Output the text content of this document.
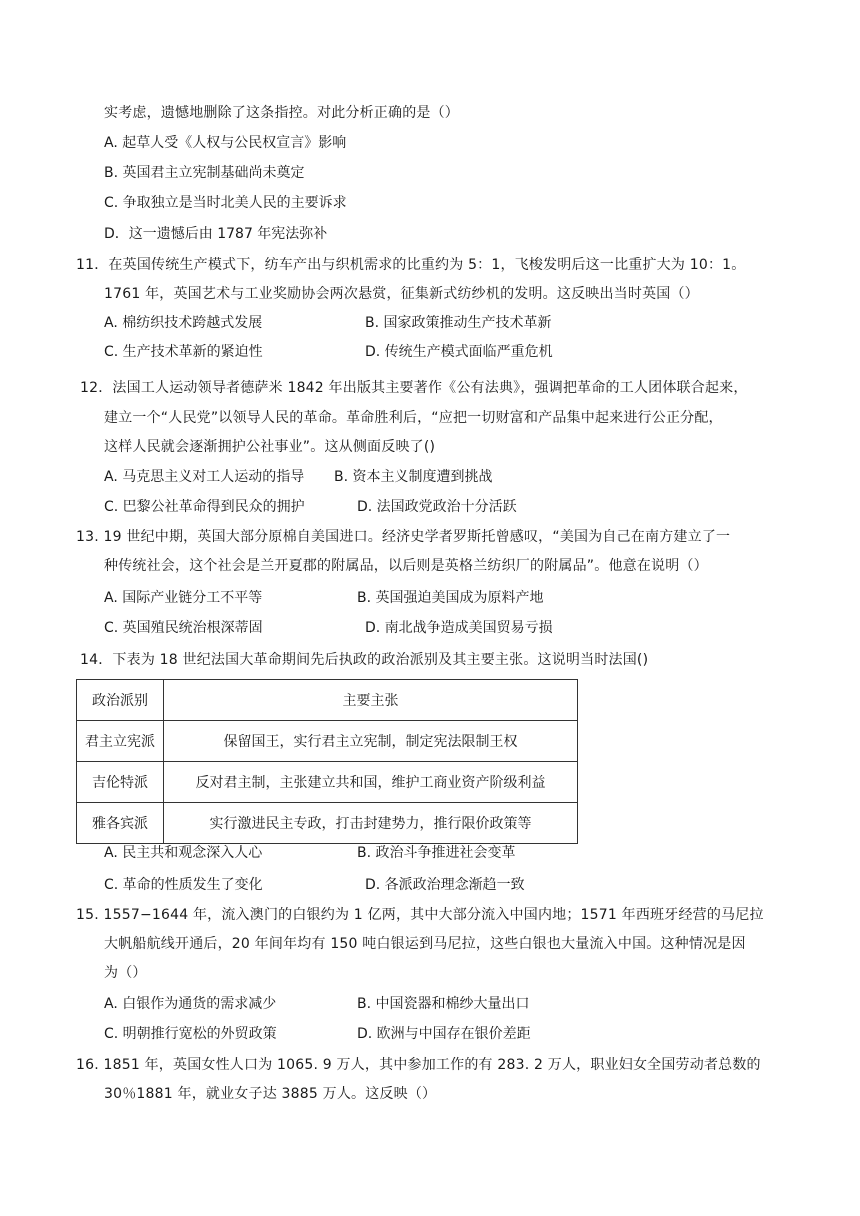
实考虑，遗憾地删除了这条指控。对此分析正确的是（）
A. 起草人受《人权与公民权宣言》影响
B. 英国君主立宪制基础尚未奠定
C. 争取独立是当时北美人民的主要诉求
D．这一遗憾后由 1787 年宪法弥补
11．在英国传统生产模式下，纺车产出与织机需求的比重约为 5：1，飞梭发明后这一比重扩大为 10：1。
1761 年，英国艺术与工业奖励协会两次悬赏，征集新式纺纱机的发明。这反映出当时英国（）
A. 棉纺织技术跨越式发展	B. 国家政策推动生产技术革新
C. 生产技术革新的紧迫性	D. 传统生产模式面临严重危机
12．法国工人运动领导者德萨米 1842 年出版其主要著作《公有法典》，强调把革命的工人团体联合起来，
建立一个“人民党”以领导人民的革命。革命胜利后，“应把一切财富和产品集中起来进行公正分配，
这样人民就会逐渐拥护公社事业”。这从侧面反映了()
A. 马克思主义对工人运动的指导 B. 资本主义制度遭到挑战
C. 巴黎公社革命得到民众的拥护	D. 法国政党政治十分活跃
13. 19 世纪中期，英国大部分原棉自美国进口。经济史学者罗斯托曾感叹，“美国为自己在南方建立了一
种传统社会，这个社会是兰开夏郡的附属品，以后则是英格兰纺织厂的附属品”。他意在说明（）
A. 国际产业链分工不平等	B. 英国强迫美国成为原料产地
C. 英国殖民统治根深蒂固	D. 南北战争造成美国贸易亏损
14．下表为 18 世纪法国大革命期间先后执政的政治派别及其主要主张。这说明当时法国()
政治派别	主要主张
君主立宪派	保留国王，实行君主立宪制，制定宪法限制王权
吉伦特派	反对君主制，主张建立共和国，维护工商业资产阶级利益
雅各宾派	实行激进民主专政，打击封建势力，推行限价政策等
A. 民主共和观念深入人心	B. 政治斗争推进社会变革
C. 革命的性质发生了变化	D. 各派政治理念渐趋一致
15. 1557−1644 年，流入澳门的白银约为 1 亿两，其中大部分流入中国内地；1571 年西班牙经营的马尼拉
大帆船航线开通后，20 年间年均有 150 吨白银运到马尼拉，这些白银也大量流入中国。这种情况是因
为（）
A. 白银作为通货的需求减少	B. 中国瓷器和棉纱大量出口
C. 明朝推行宽松的外贸政策	D. 欧洲与中国存在银价差距
16. 1851 年，英国女性人口为 1065. 9 万人，其中参加工作的有 283. 2 万人，职业妇女全国劳动者总数的
30％1881 年，就业女子达 3885 万人。这反映（）
